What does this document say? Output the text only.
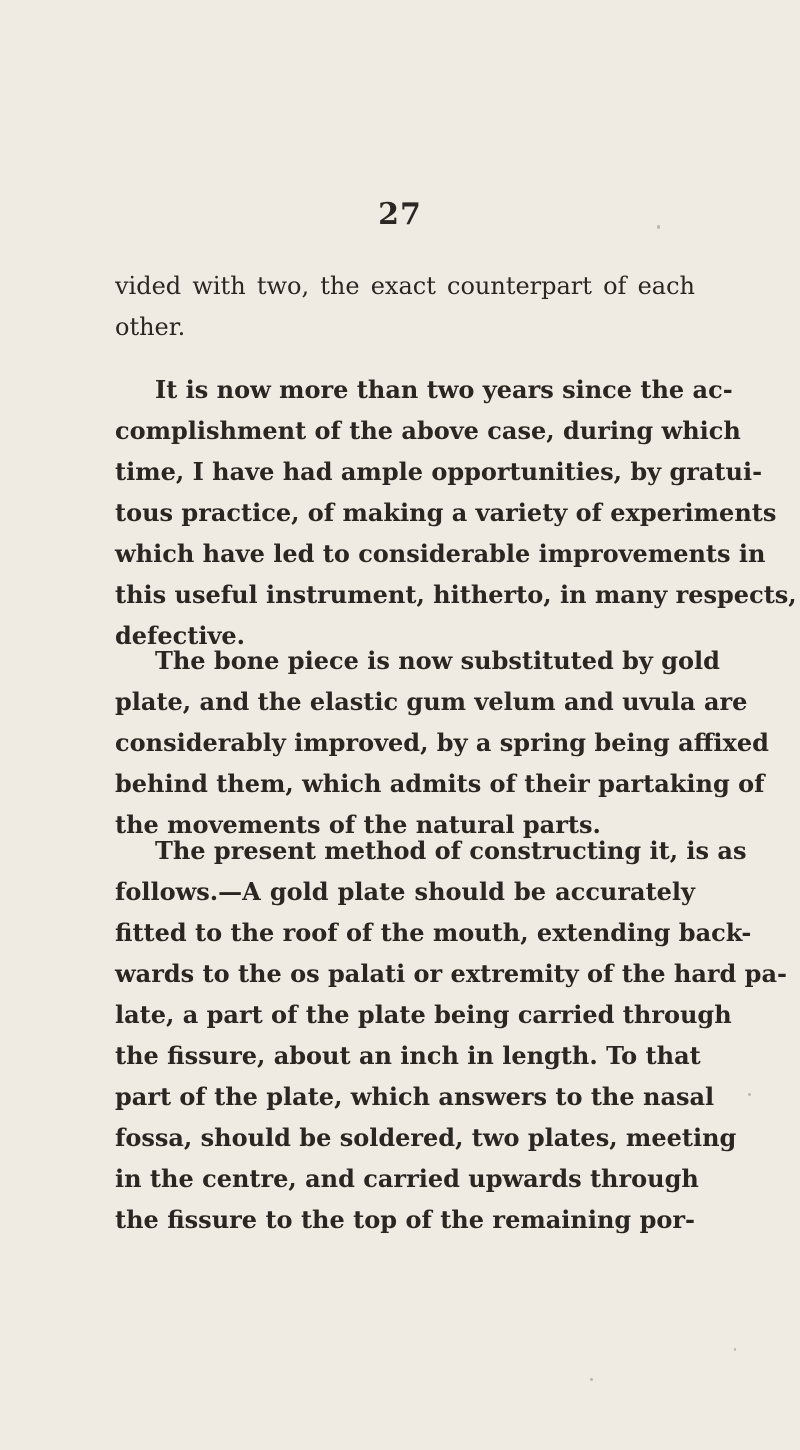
27
vided with two, the exact counterpart of each
other.
It is now more than two years since the ac-
complishment of the above case, during which
time, I have had ample opportunities, by gratui-
tous practice, of making a variety of experiments
which have led to considerable improvements in
this useful instrument, hitherto, in many respects,
defective.
The bone piece is now substituted by gold
plate, and the elastic gum velum and uvula are
considerably improved, by a spring being affixed
behind them, which admits of their partaking of
the movements of the natural parts.
The present method of constructing it, is as
follows.—A gold plate should be accurately
fitted to the roof of the mouth, extending back-
wards to the os palati or extremity of the hard pa-
late, a part of the plate being carried through
the fissure, about an inch in length. To that
part of the plate, which answers to the nasal
fossa, should be soldered, two plates, meeting
in the centre, and carried upwards through
the fissure to the top of the remaining por-
